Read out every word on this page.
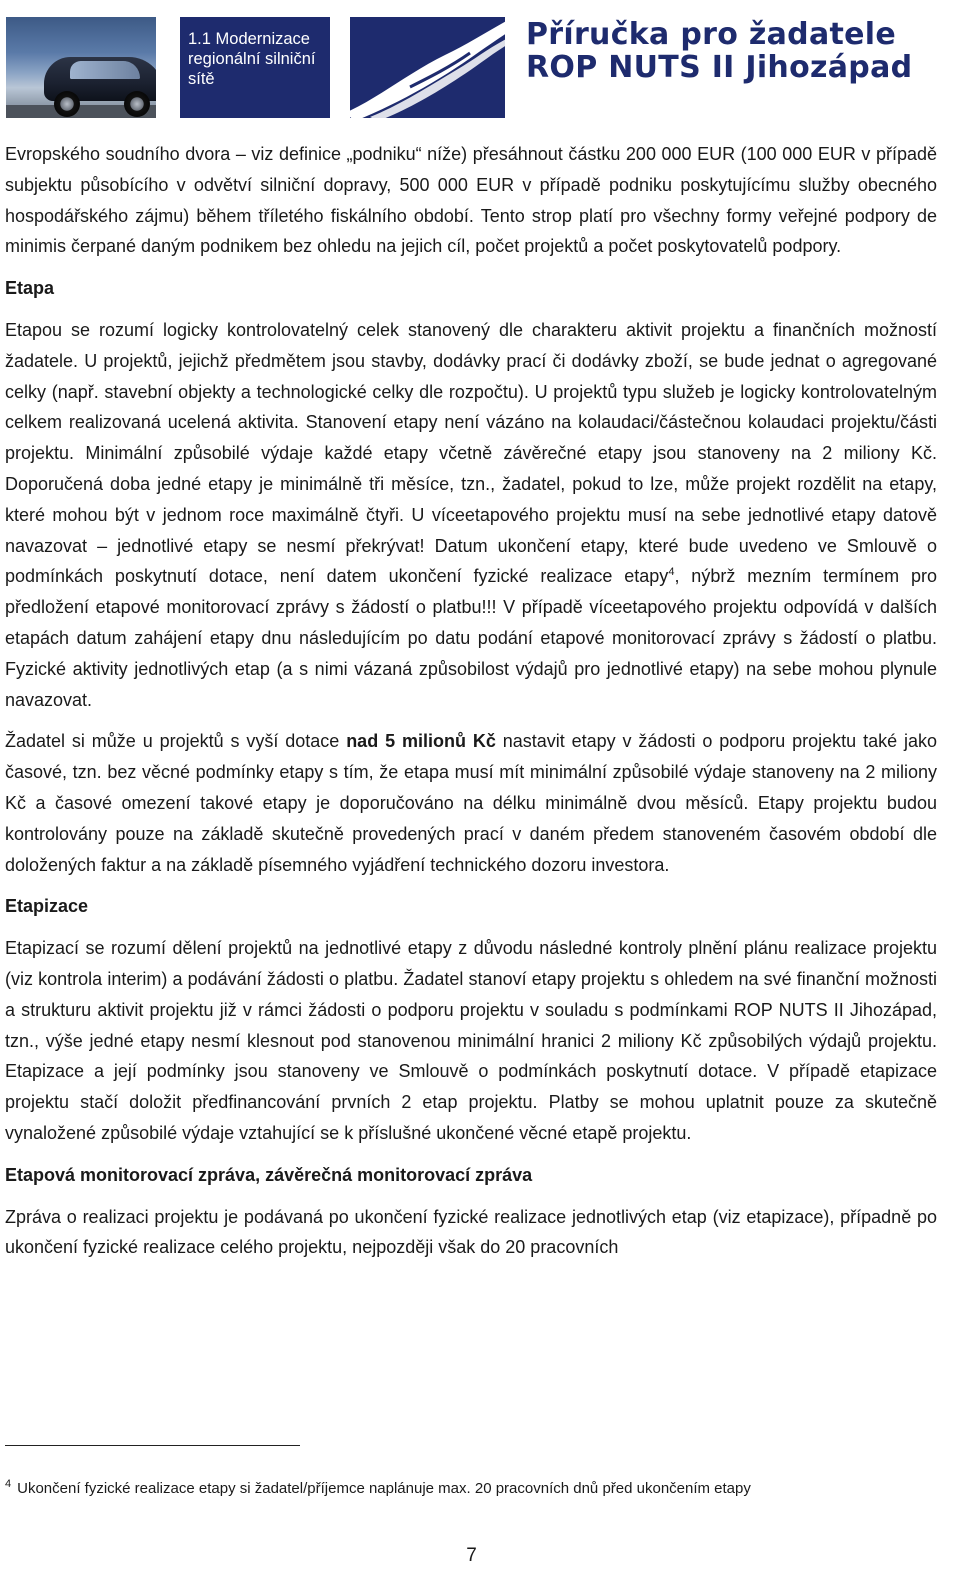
1.1 Modernizace
regionální silniční
sítě
Příručka pro žadatele
ROP NUTS II Jihozápad

Evropského soudního dvora – viz definice „podniku“ níže) přesáhnout částku 200 000 EUR (100 000 EUR v případě subjektu působícího v odvětví silniční dopravy, 500 000 EUR v případě podniku poskytujícímu služby obecného hospodářského zájmu) během tříletého fiskálního období. Tento strop platí pro všechny formy veřejné podpory de minimis čerpané daným podnikem bez ohledu na jejich cíl, počet projektů a počet poskytovatelů podpory.

Etapa

Etapou se rozumí logicky kontrolovatelný celek stanovený dle charakteru aktivit projektu a finančních možností žadatele. U projektů, jejichž předmětem jsou stavby, dodávky prací či dodávky zboží, se bude jednat o agregované celky (např. stavební objekty a technologické celky dle rozpočtu). U projektů typu služeb je logicky kontrolovatelným celkem realizovaná ucelená aktivita. Stanovení etapy není vázáno na kolaudaci/částečnou kolaudaci projektu/části projektu. Minimální způsobilé výdaje každé etapy včetně závěrečné etapy jsou stanoveny na 2 miliony Kč. Doporučená doba jedné etapy je minimálně tři měsíce, tzn., žadatel, pokud to lze, může projekt rozdělit na etapy, které mohou být v jednom roce maximálně čtyři. U víceetapového projektu musí na sebe jednotlivé etapy datově navazovat – jednotlivé etapy se nesmí překrývat! Datum ukončení etapy, které bude uvedeno ve Smlouvě o podmínkách poskytnutí dotace, není datem ukončení fyzické realizace etapy$^4$, nýbrž mezním termínem pro předložení etapové monitorovací zprávy s žádostí o platbu!!! V případě víceetapového projektu odpovídá v dalších etapách datum zahájení etapy dnu následujícím po datu podání etapové monitorovací zprávy s žádostí o platbu. Fyzické aktivity jednotlivých etap (a s nimi vázaná způsobilost výdajů pro jednotlivé etapy) na sebe mohou plynule navazovat.

Žadatel si může u projektů s vyší dotace nad 5 milionů Kč nastavit etapy v žádosti o podporu projektu také jako časové, tzn. bez věcné podmínky etapy s tím, že etapa musí mít minimální způsobilé výdaje stanoveny na 2 miliony Kč a časové omezení takové etapy je doporučováno na délku minimálně dvou měsíců. Etapy projektu budou kontrolovány pouze na základě skutečně provedených prací v daném předem stanoveném časovém období dle doložených faktur a na základě písemného vyjádření technického dozoru investora.

Etapizace

Etapizací se rozumí dělení projektů na jednotlivé etapy z důvodu následné kontroly plnění plánu realizace projektu (viz kontrola interim) a podávání žádosti o platbu. Žadatel stanoví etapy projektu s ohledem na své finanční možnosti a strukturu aktivit projektu již v rámci žádosti o podporu projektu v souladu s podmínkami ROP NUTS II Jihozápad, tzn., výše jedné etapy nesmí klesnout pod stanovenou minimální hranici 2 miliony Kč způsobilých výdajů projektu. Etapizace a její podmínky jsou stanoveny ve Smlouvě o podmínkách poskytnutí dotace. V případě etapizace projektu stačí doložit předfinancování prvních 2 etap projektu. Platby se mohou uplatnit pouze za skutečně vynaložené způsobilé výdaje vztahující se k příslušné ukončené věcné etapě projektu.

Etapová monitorovací zpráva, závěrečná monitorovací zpráva

Zpráva o realizaci projektu je podávaná po ukončení fyzické realizace jednotlivých etap (viz etapizace), případně po ukončení fyzické realizace celého projektu, nejpozději však do 20 pracovních

$^4$ Ukončení fyzické realizace etapy si žadatel/příjemce naplánuje max. 20 pracovních dnů před ukončením etapy
7
